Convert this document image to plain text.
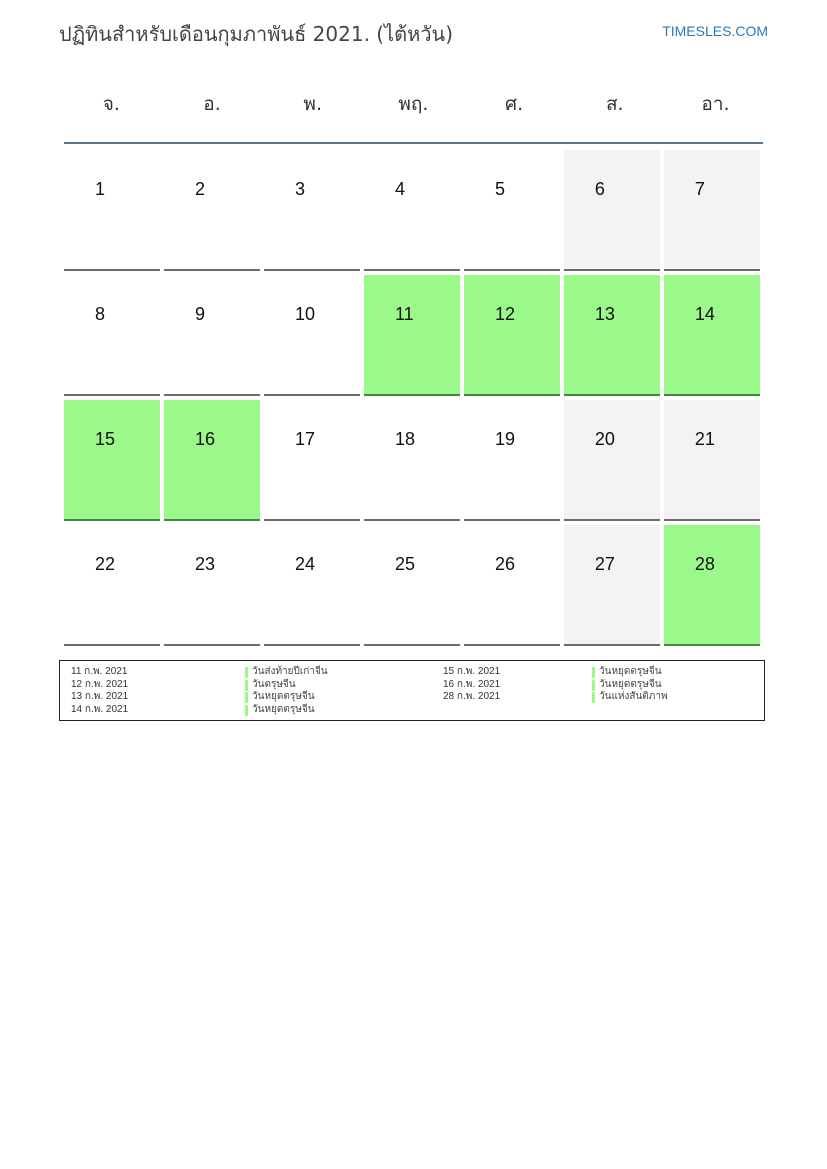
ปฏิทินสำหรับเดือนกุมภาพันธ์ 2021. (ไต้หวัน)	TIMESLES.COM
จ.	อ.	พ.	พฤ.	ศ.	ส.	อา.
1	2	3	4	5	6	7
8	9	10	11	12	13	14
15	16	17	18	19	20	21
22	23	24	25	26	27	28
11 ก.พ. 2021	วันส่งท้ายปีเก่าจีน
12 ก.พ. 2021	วันตรุษจีน
13 ก.พ. 2021	วันหยุดตรุษจีน
14 ก.พ. 2021	วันหยุดตรุษจีน
15 ก.พ. 2021	วันหยุดตรุษจีน
16 ก.พ. 2021	วันหยุดตรุษจีน
28 ก.พ. 2021	วันแห่งสันติภาพ
